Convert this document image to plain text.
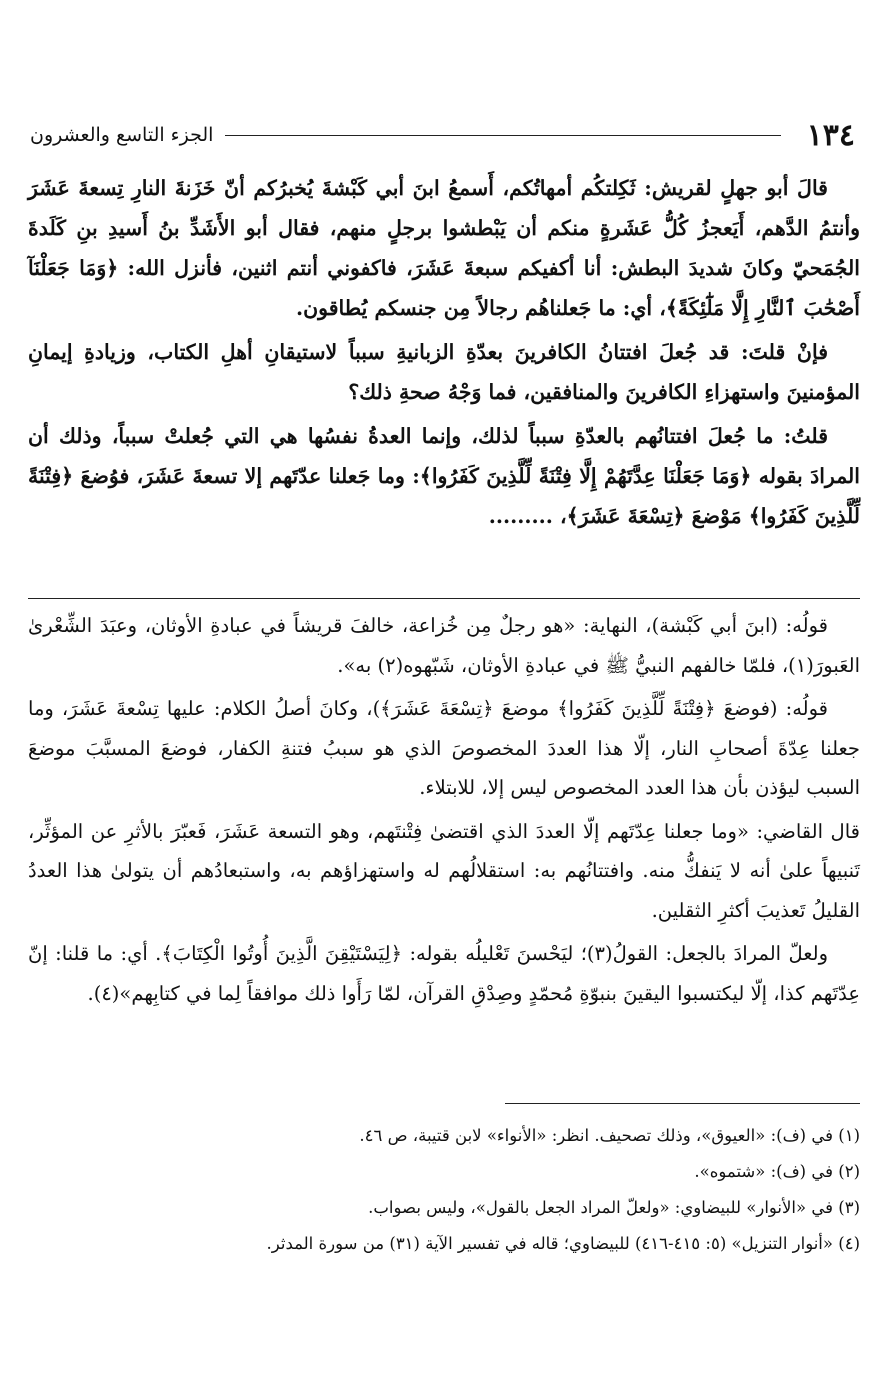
١٣٤
الجزء التاسع والعشرون

قالَ أبو جهلٍ لقريش: ثَكِلتكُم أمهاتُكم، أَسمعُ ابنَ أبي كَبْشةَ يُخبرُكم أنّ خَزَنةَ النارِ تِسعةَ عَشَرَ وأنتمُ الدَّهم، أَيَعجزُ كُلُّ عَشَرةٍ منكم أن يَبْطشوا برجلٍ منهم، فقال أبو الأَشَدِّ بنُ أَسيدِ بنِ كَلَدةَ الجُمَحيّ وكانَ شديدَ البطش: أنا أكفيكم سبعةَ عَشَرَ، فاكفوني أنتم اثنين، فأنزل الله: ﴿وَمَا جَعَلْنَآ أَصْحَٰبَ ٱلنَّارِ إِلَّا مَلَٰٓئِكَةً﴾، أي: ما جَعلناهُم رجالاً مِن جنسكم يُطاقون.

فإنْ قلتَ: قد جُعلَ افتتانُ الكافرينَ بعدّةِ الزبانيةِ سبباً لاستيقانِ أهلِ الكتاب، وزيادةِ إيمانِ المؤمنينَ واستهزاءِ الكافرينَ والمنافقين، فما وَجْهُ صحةِ ذلك؟

قلتُ: ما جُعلَ افتتانُهم بالعدّةِ سبباً لذلك، وإنما العدةُ نفسُها هي التي جُعلتْ سبباً، وذلك أن المرادَ بقوله ﴿وَمَا جَعَلْنَا عِدَّتَهُمْ إِلَّا فِتْنَةً لِّلَّذِينَ كَفَرُوا﴾: وما جَعلنا عدّتَهم إلا تسعةَ عَشَرَ، فوُضعَ ﴿فِتْنَةً لِّلَّذِينَ كَفَرُوا﴾ مَوْضعَ ﴿تِسْعَةَ عَشَرَ﴾، .........

قولُه: (ابنَ أبي كَبْشة)، النهاية: «هو رجلٌ مِن خُزاعة، خالفَ قريشاً في عبادةِ الأوثان، وعبَدَ الشِّعْرىٰ العَبورَ(١)، فلمّا خالفهم النبيُّ ﷺ في عبادةِ الأوثان، شَبّهوه(٢) به».

قولُه: (فوضعَ ﴿فِتْنَةً لِّلَّذِينَ كَفَرُوا﴾ موضعَ ﴿تِسْعَةَ عَشَرَ﴾)، وكانَ أصلُ الكلام: عليها تِسْعةَ عَشَرَ، وما جعلنا عِدّةَ أصحابِ النار، إلّا هذا العددَ المخصوصَ الذي هو سببُ فتنةِ الكفار، فوضعَ المسبَّبَ موضعَ السبب ليؤذن بأن هذا العدد المخصوص ليس إلا، للابتلاء.

قال القاضي: «وما جعلنا عِدّتَهم إلّا العددَ الذي اقتضىٰ فِتْنتَهم، وهو التسعة عَشَرَ، فَعبّرَ بالأثرِ عن المؤثِّر، تَنبيهاً علىٰ أنه لا يَنفكُّ منه. وافتتانُهم به: استقلالُهم له واستهزاؤهم به، واستبعادُهم أن يتولىٰ هذا العددُ القليلُ تَعذيبَ أكثرِ الثقلين.

ولعلّ المرادَ بالجعل: القولُ(٣)؛ ليَحْسنَ تَعْليلُه بقوله: ﴿لِيَسْتَيْقِنَ الَّذِينَ أُوتُوا الْكِتَابَ﴾. أي: ما قلنا: إنّ عِدّتَهم كذا، إلّا ليكتسبوا اليقينَ بنبوّةِ مُحمّدٍ وصِدْقِ القرآن، لمّا رَأَوا ذلك موافقاً لِما في كتابِهم»(٤).

(١) في (ف): «العيوق»، وذلك تصحيف. انظر: «الأنواء» لابن قتيبة، ص ٤٦.
(٢) في (ف): «شتموه».
(٣) في «الأنوار» للبيضاوي: «ولعلّ المراد الجعل بالقول»، وليس بصواب.
(٤) «أنوار التنزيل» (٥: ٤١٥-٤١٦) للبيضاوي؛ قاله في تفسير الآية (٣١) من سورة المدثر.
